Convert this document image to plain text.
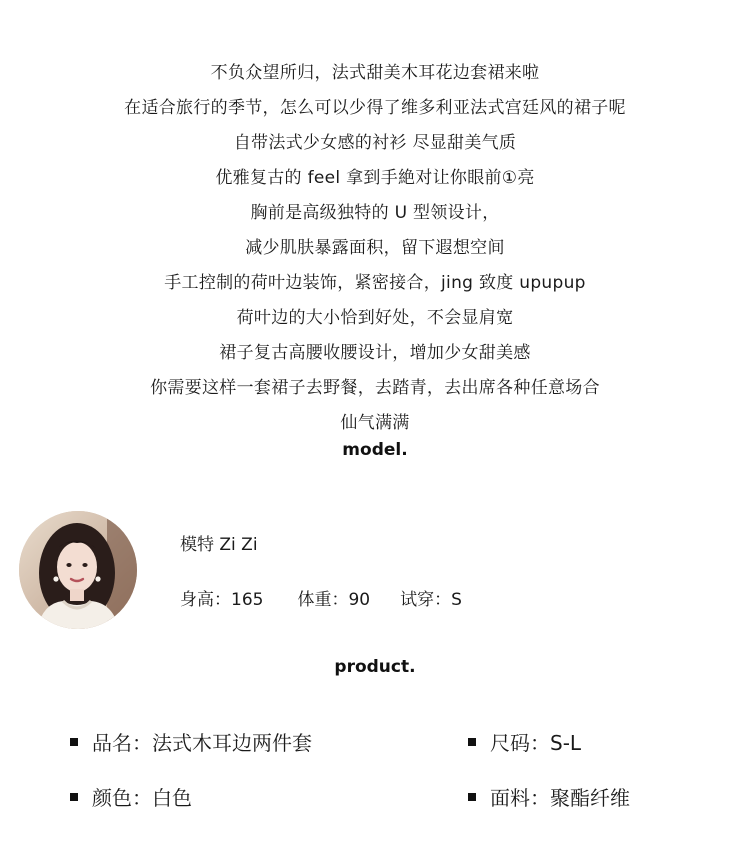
不负众望所归，法式甜美木耳花边套裙来啦
在适合旅行的季节，怎么可以少得了维多利亚法式宫廷风的裙子呢
自带法式少女感的衬衫 尽显甜美气质
优雅复古的 feel 拿到手絶对让你眼前①亮
胸前是高级独特的 U 型领设计，
减少肌肤暴露面积，留下遐想空间
手工控制的荷叶边装饰，紧密接合，jing 致度 upupup
荷叶边的大小恰到好处，不会显肩宽
裙子复古高腰收腰设计，增加少女甜美感
你需要这样一套裙子去野餐，去踏青，去出席各种任意场合
仙气满满
model.
模特 Zi Zi
身高：165 体重：90 试穿：S
product.
品名：法式木耳边两件套	尺码：S-L
颜色：白色	面料：聚酯纤维
